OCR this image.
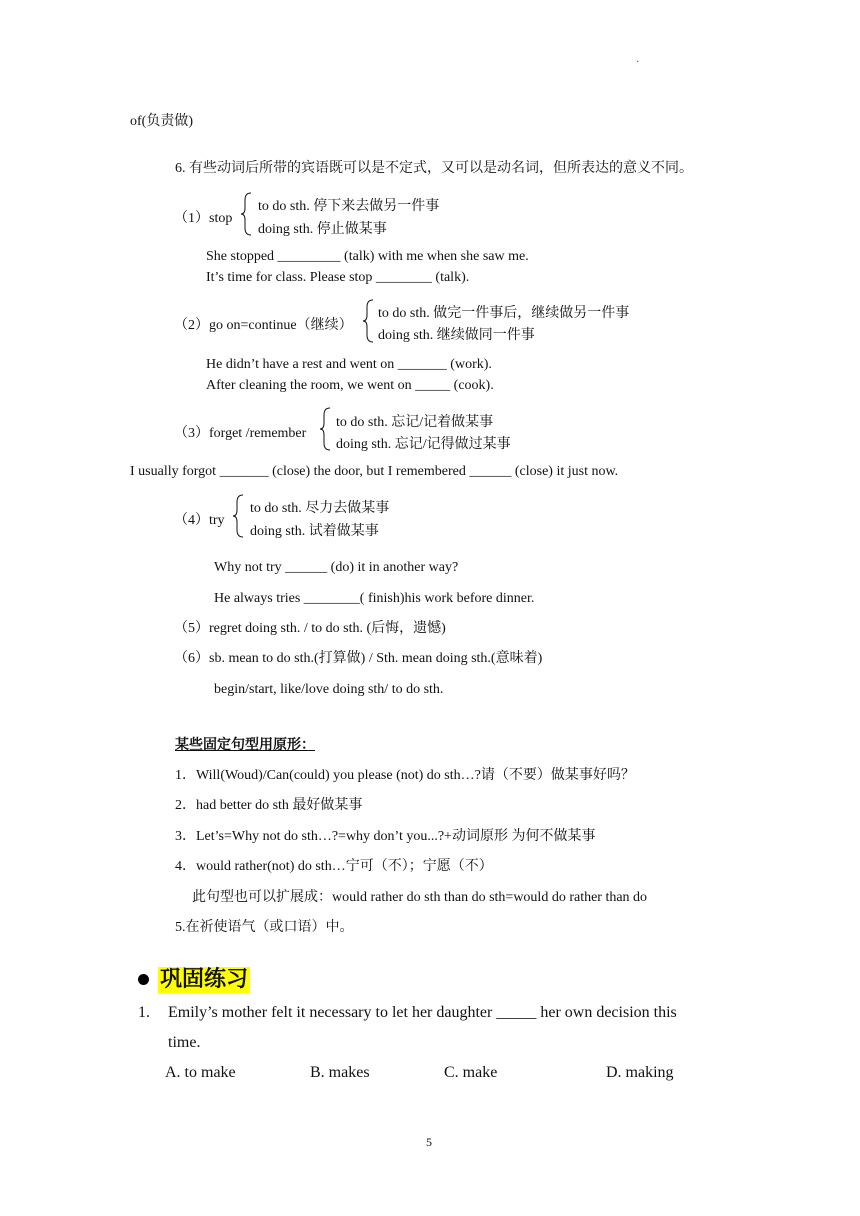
·
of(负责做)
6. 有些动词后所带的宾语既可以是不定式，又可以是动名词，但所表达的意义不同。
（1）stop
to do sth. 停下来去做另一件事
doing sth. 停止做某事
She stopped _________ (talk) with me when she saw me.
It’s time for class. Please stop ________ (talk).
（2）go on=continue（继续）
to do sth. 做完一件事后，继续做另一件事
doing sth. 继续做同一件事
He didn’t have a rest and went on _______ (work).
After cleaning the room, we went on _____ (cook).
（3）forget /remember
to do sth. 忘记/记着做某事
doing sth. 忘记/记得做过某事
I usually forgot _______ (close) the door, but I remembered ______ (close) it just now.
（4）try
to do sth. 尽力去做某事
doing sth. 试着做某事
Why not try ______ (do) it in another way?
He always tries ________( finish)his work before dinner.
（5）regret doing sth. / to do sth. (后悔，遗憾)
（6）sb. mean to do sth.(打算做) / Sth. mean doing sth.(意味着)
begin/start, like/love doing sth/ to do sth.
某些固定句型用原形：
1．Will(Woud)/Can(could) you please (not) do sth…?请（不要）做某事好吗？
2．had better do sth 最好做某事
3．Let’s=Why not do sth…?=why don’t you...?+动词原形 为何不做某事
4．would rather(not) do sth…宁可（不）；宁愿（不）
此句型也可以扩展成：would rather do sth than do sth=would do rather than do
5.在祈使语气（或口语）中。
巩固练习
1. Emily’s mother felt it necessary to let her daughter _____ her own decision this
time.
A. to make	B. makes	C. make	D. making
5
